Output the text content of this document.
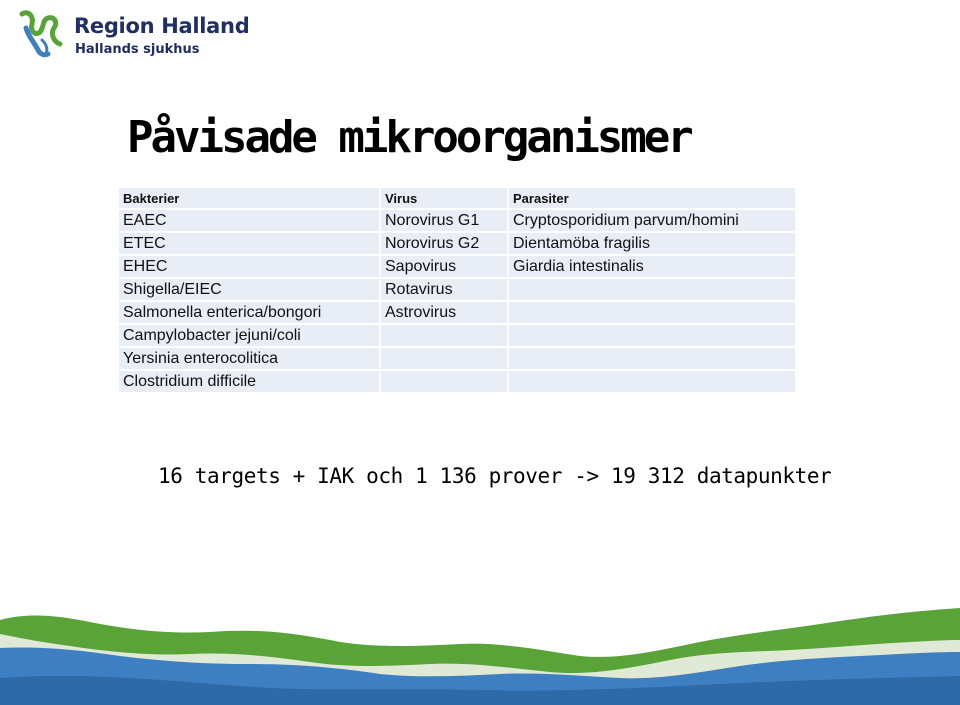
Region Halland
Hallands sjukhus
Påvisade mikroorganismer
Bakterier	Virus	Parasiter
EAEC	Norovirus G1	Cryptosporidium parvum/homini
ETEC	Norovirus G2	Dientamöba fragilis
EHEC	Sapovirus	Giardia intestinalis
Shigella/EIEC	Rotavirus	
Salmonella enterica/bongori	Astrovirus	
Campylobacter jejuni/coli		
Yersinia enterocolitica		
Clostridium difficile		
16 targets + IAK och 1 136 prover -> 19 312 datapunkter
